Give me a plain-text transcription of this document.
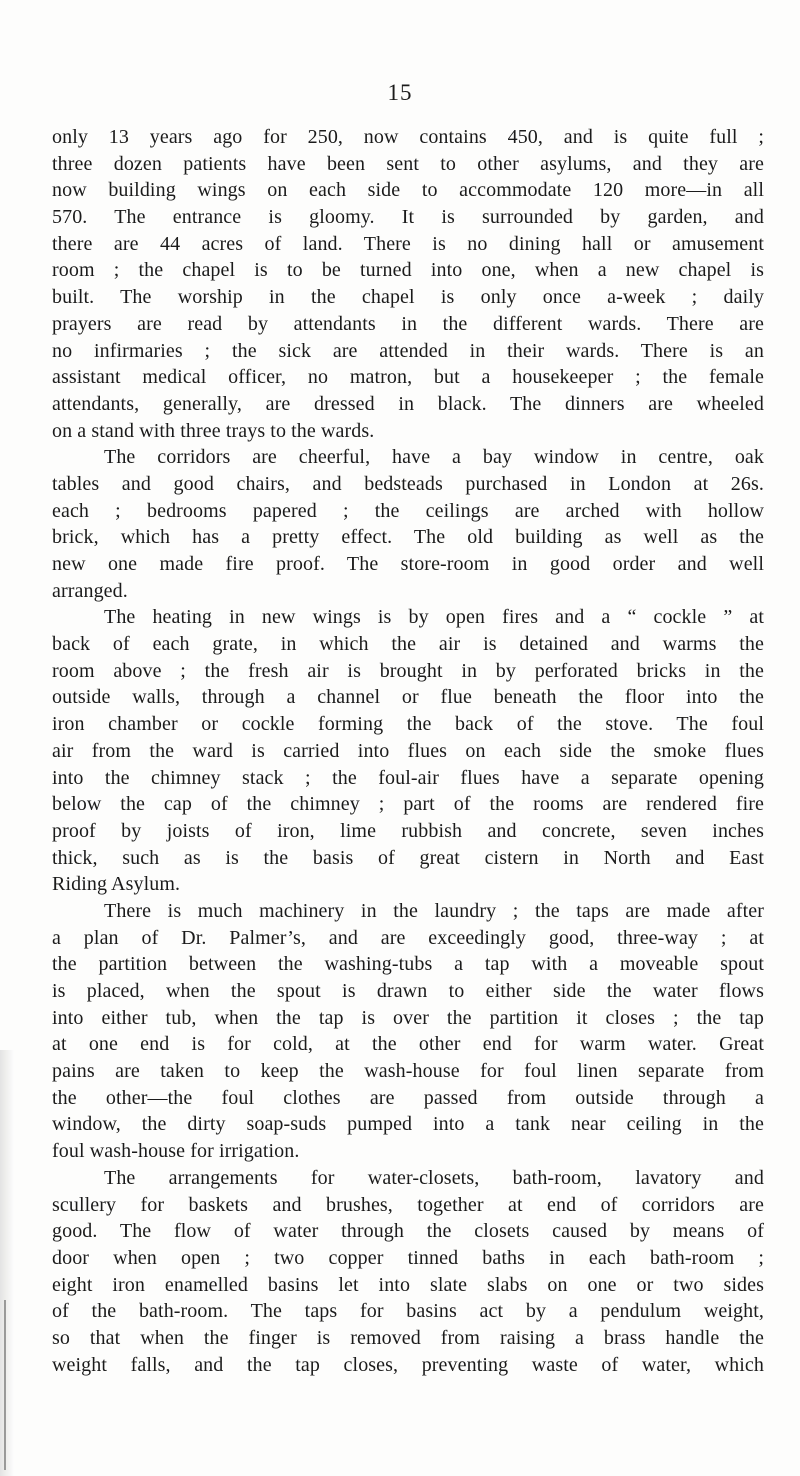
15
only 13 years ago for 250, now contains 450, and is quite full ;
three dozen patients have been sent to other asylums, and they are
now building wings on each side to accommodate 120 more—in all
570. The entrance is gloomy. It is surrounded by garden, and
there are 44 acres of land. There is no dining hall or amusement
room ; the chapel is to be turned into one, when a new chapel is
built. The worship in the chapel is only once a-week ; daily
prayers are read by attendants in the different wards. There are
no infirmaries ; the sick are attended in their wards. There is an
assistant medical officer, no matron, but a housekeeper ; the female
attendants, generally, are dressed in black. The dinners are wheeled
on a stand with three trays to the wards.
The corridors are cheerful, have a bay window in centre, oak
tables and good chairs, and bedsteads purchased in London at 26s.
each ; bedrooms papered ; the ceilings are arched with hollow
brick, which has a pretty effect. The old building as well as the
new one made fire proof. The store-room in good order and well
arranged.
The heating in new wings is by open fires and a “ cockle ” at
back of each grate, in which the air is detained and warms the
room above ; the fresh air is brought in by perforated bricks in the
outside walls, through a channel or flue beneath the floor into the
iron chamber or cockle forming the back of the stove. The foul
air from the ward is carried into flues on each side the smoke flues
into the chimney stack ; the foul-air flues have a separate opening
below the cap of the chimney ; part of the rooms are rendered fire
proof by joists of iron, lime rubbish and concrete, seven inches
thick, such as is the basis of great cistern in North and East
Riding Asylum.
There is much machinery in the laundry ; the taps are made after
a plan of Dr. Palmer’s, and are exceedingly good, three-way ; at
the partition between the washing-tubs a tap with a moveable spout
is placed, when the spout is drawn to either side the water flows
into either tub, when the tap is over the partition it closes ; the tap
at one end is for cold, at the other end for warm water. Great
pains are taken to keep the wash-house for foul linen separate from
the other—the foul clothes are passed from outside through a
window, the dirty soap-suds pumped into a tank near ceiling in the
foul wash-house for irrigation.
The arrangements for water-closets, bath-room, lavatory and
scullery for baskets and brushes, together at end of corridors are
good. The flow of water through the closets caused by means of
door when open ; two copper tinned baths in each bath-room ;
eight iron enamelled basins let into slate slabs on one or two sides
of the bath-room. The taps for basins act by a pendulum weight,
so that when the finger is removed from raising a brass handle the
weight falls, and the tap closes, preventing waste of water, which
